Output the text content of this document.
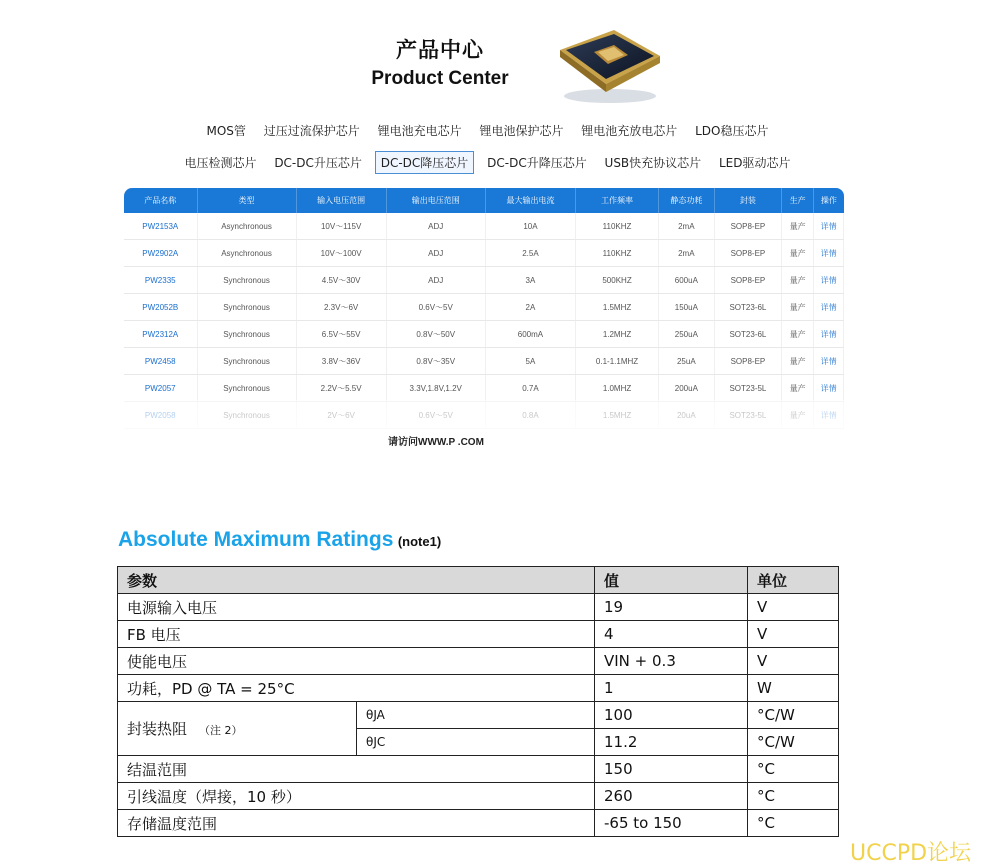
产品中心
Product Center
MOS管 过压过流保护芯片 锂电池充电芯片 锂电池保护芯片 锂电池充放电芯片 LDO稳压芯片
电压检测芯片 DC-DC升压芯片 DC-DC降压芯片 DC-DC升降压芯片 USB快充协议芯片 LED驱动芯片
产品名称	类型	输入电压范围	输出电压范围	最大输出电流	工作频率	静态功耗	封装	生产	操作
PW2153A	Asynchronous	10V～115V	ADJ	10A	110KHZ	2mA	SOP8-EP	量产	详情
PW2902A	Asynchronous	10V～100V	ADJ	2.5A	110KHZ	2mA	SOP8-EP	量产	详情
PW2335	Synchronous	4.5V～30V	ADJ	3A	500KHZ	600uA	SOP8-EP	量产	详情
PW2052B	Synchronous	2.3V～6V	0.6V～5V	2A	1.5MHZ	150uA	SOT23-6L	量产	详情
PW2312A	Synchronous	6.5V～55V	0.8V～50V	600mA	1.2MHZ	250uA	SOT23-6L	量产	详情
PW2458	Synchronous	3.8V～36V	0.8V～35V	5A	0.1-1.1MHZ	25uA	SOP8-EP	量产	详情
PW2057	Synchronous	2.2V～5.5V	3.3V,1.8V,1.2V	0.7A	1.0MHZ	200uA	SOT23-5L	量产	详情

请访问WWW.P .COM
Absolute Maximum Ratings (note1)
参数		值	单位
电源输入电压		19	V
FB 电压		4	V
使能电压		VIN + 0.3	V
功耗，PD @ TA = 25°C		1	W
封装热阻 （注 2）	θJA	100	°C/W
	θJC	11.2	°C/W
结温范围		150	°C
引线温度（焊接，10 秒）		260	°C
存储温度范围		-65 to 150	°C
UCCPD论坛
